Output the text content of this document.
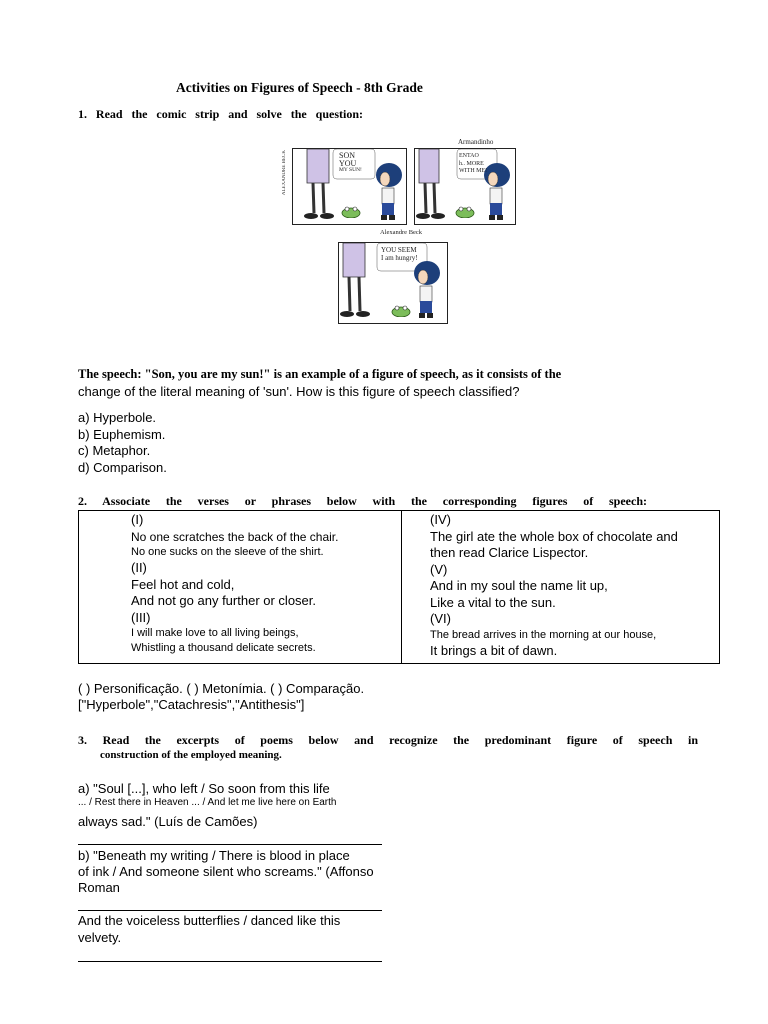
Activities on Figures of Speech - 8th Grade
1. Read the comic strip and solve the question:
ALEXANDRE BECK	SON
YOU
MY SUN!
Armandinho
ENTAO
h.. MORE
WITH ME!
Alexandre Beck
YOU SEEM
I am hungry!
The speech: "Son, you are my sun!" is an example of a figure of speech, as it consists of the
change of the literal meaning of 'sun'. How is this figure of speech classified?
a) Hyperbole.
b) Euphemism.
c) Metaphor.
d) Comparison.
2. Associate the verses or phrases below with the corresponding figures of speech:
(I)
No one scratches the back of the chair.
No one sucks on the sleeve of the shirt.
(II)
Feel hot and cold,
And not go any further or closer.
(III)
I will make love to all living beings,
Whistling a thousand delicate secrets.
(IV)
The girl ate the whole box of chocolate and
then read Clarice Lispector.
(V)
And in my soul the name lit up,
Like a vital to the sun.
(VI)
The bread arrives in the morning at our house,
It brings a bit of dawn.
( ) Personificação. ( ) Metonímia. ( ) Comparação.
["Hyperbole","Catachresis","Antithesis"]
3. Read the excerpts of poems below and recognize the predominant figure of speech in
construction of the employed meaning.
a) "Soul [...], who left / So soon from this life
... / Rest there in Heaven ... / And let me live here on Earth
always sad." (Luís de Camões)
b) "Beneath my writing / There is blood in place
of ink / And someone silent who screams." (Affonso
Roman
And the voiceless butterflies / danced like this
velvety.
